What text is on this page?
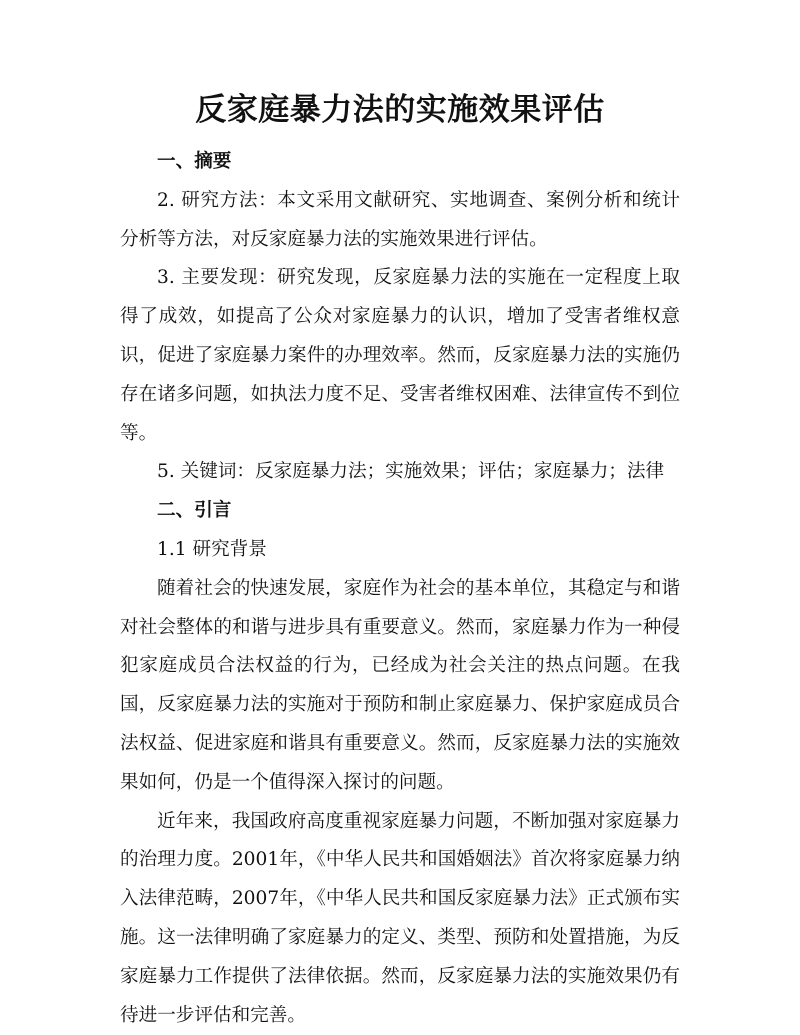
反家庭暴力法的实施效果评估
一、摘要

2. 研究方法：本文采用文献研究、实地调查、案例分析和统计分析等方法，对反家庭暴力法的实施效果进行评估。

3. 主要发现：研究发现，反家庭暴力法的实施在一定程度上取得了成效，如提高了公众对家庭暴力的认识，增加了受害者维权意识，促进了家庭暴力案件的办理效率。然而，反家庭暴力法的实施仍存在诸多问题，如执法力度不足、受害者维权困难、法律宣传不到位等。

5. 关键词：反家庭暴力法；实施效果；评估；家庭暴力；法律

二、引言

1.1 研究背景

随着社会的快速发展，家庭作为社会的基本单位，其稳定与和谐对社会整体的和谐与进步具有重要意义。然而，家庭暴力作为一种侵犯家庭成员合法权益的行为，已经成为社会关注的热点问题。在我国，反家庭暴力法的实施对于预防和制止家庭暴力、保护家庭成员合法权益、促进家庭和谐具有重要意义。然而，反家庭暴力法的实施效果如何，仍是一个值得深入探讨的问题。

近年来，我国政府高度重视家庭暴力问题，不断加强对家庭暴力的治理力度。2001年，《中华人民共和国婚姻法》首次将家庭暴力纳入法律范畴，2007年，《中华人民共和国反家庭暴力法》正式颁布实施。这一法律明确了家庭暴力的定义、类型、预防和处置措施，为反家庭暴力工作提供了法律依据。然而，反家庭暴力法的实施效果仍有待进一步评估和完善。
